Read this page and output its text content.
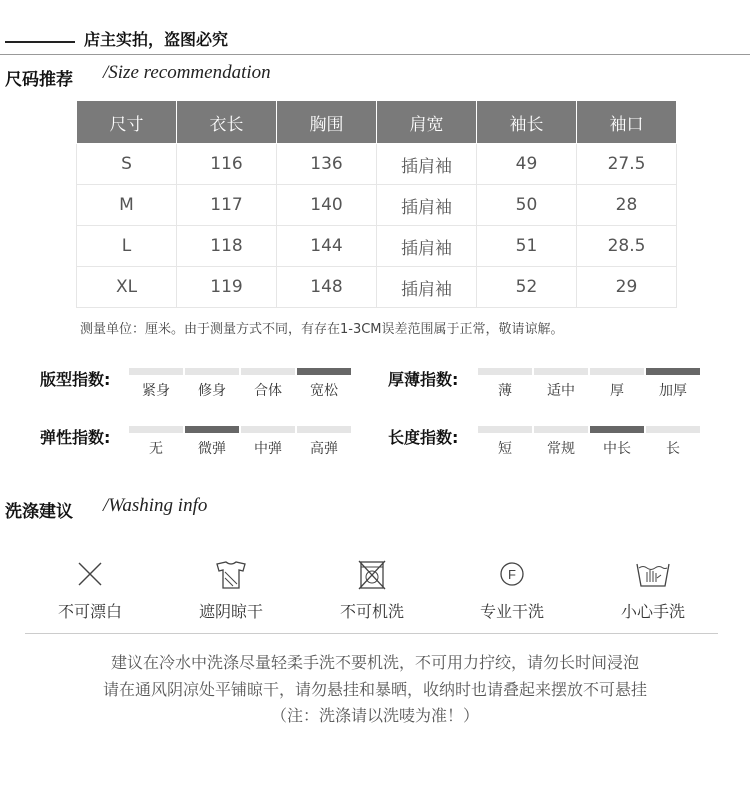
店主实拍，盗图必究
尺码推荐 /Size recommendation
尺寸	衣长	胸围	肩宽	袖长	袖口
S	116	136	插肩袖	49	27.5
M	117	140	插肩袖	50	28
L	118	144	插肩袖	51	28.5
XL	119	148	插肩袖	52	29
测量单位：厘米。由于测量方式不同，有存在1-3CM误差范围属于正常，敬请谅解。
版型指数:
紧身	修身	合体	宽松
厚薄指数:
薄	适中	厚	加厚
弹性指数:
无	微弹	中弹	高弹
长度指数:
短	常规	中长	长
洗涤建议 /Washing info
不可漂白	遮阴晾干	不可机洗
F
专业干洗	小心手洗
建议在冷水中洗涤尽量轻柔手洗不要机洗，不可用力拧绞，请勿长时间浸泡
请在通风阴凉处平铺晾干，请勿悬挂和暴晒，收纳时也请叠起来摆放不可悬挂
（注：洗涤请以洗唛为准！）
